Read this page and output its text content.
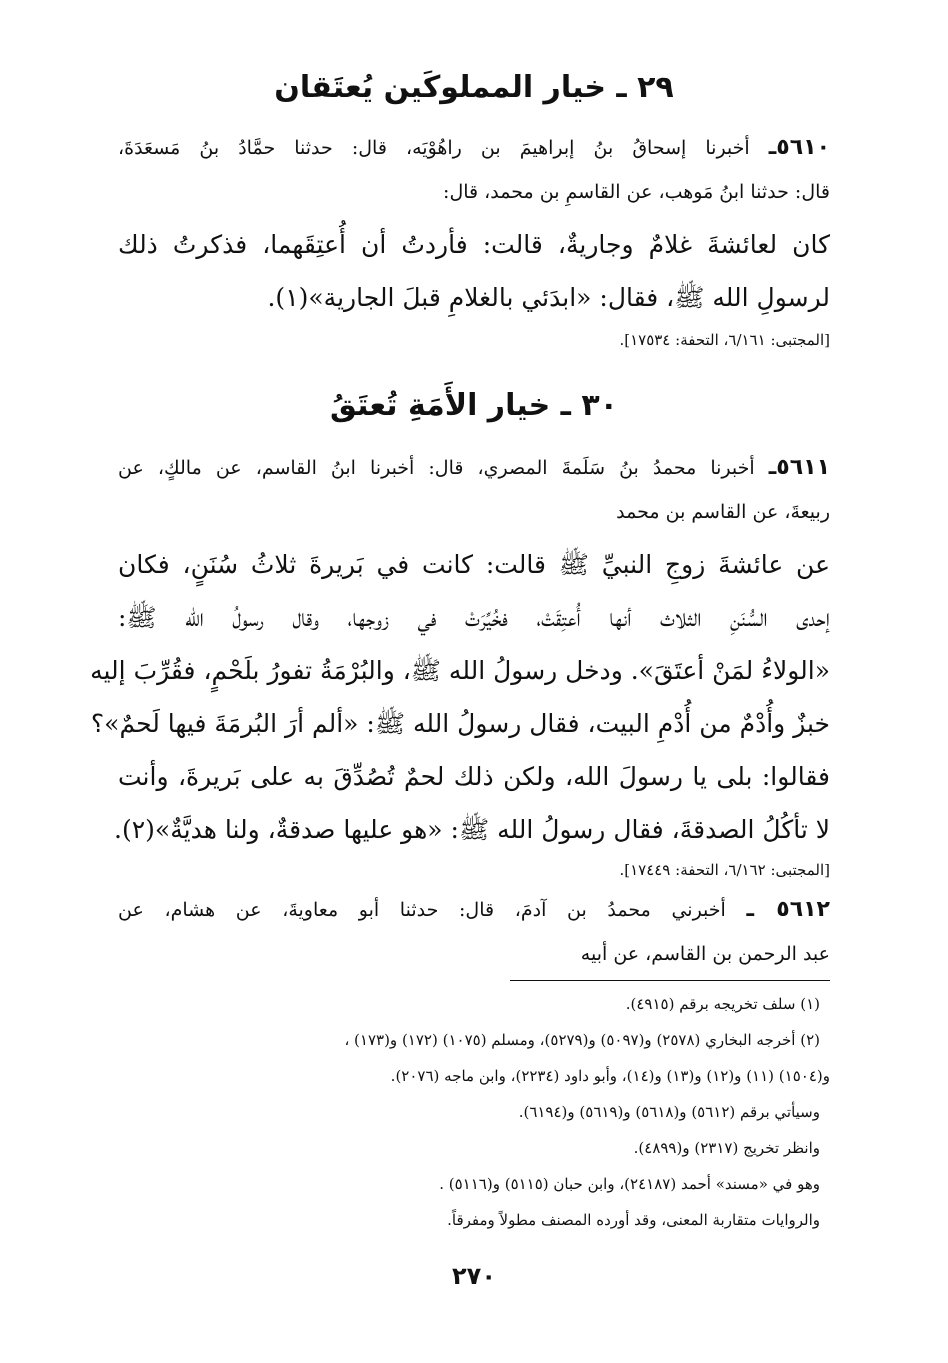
٢٩ ـ خيار المملوكَين يُعتَقان
٥٦١٠ـ أخبرنا إسحاقُ بنُ إبراهيمَ بن راهُوْيَه، قال: حدثنا حمَّادُ بنُ مَسعَدَةَ،
قال: حدثنا ابنُ مَوهب، عن القاسمِ بن محمد، قال:
كان لعائشةَ غلامٌ وجاريةٌ، قالت: فأردتُ أن أُعتِقَهما، فذكرتُ ذلك
لرسولِ الله ﷺ، فقال: «ابدَئي بالغلامِ قبلَ الجارية»(١).
[المجتبى: ٦/١٦١، التحفة: ١٧٥٣٤].
٣٠ ـ خيار الأَمَةِ تُعتَقُ
٥٦١١ـ أخبرنا محمدُ بنُ سَلَمةَ المصري، قال: أخبرنا ابنُ القاسم، عن مالكٍ، عن
ربيعةَ، عن القاسم بن محمد
عن عائشةَ زوجِ النبيِّ ﷺ قالت: كانت في بَريرةَ ثلاثُ سُنَنٍ، فكان
إحدى السُّنَنِ الثلاث أنها أُعتِقَتْ، فخُيِّرَتْ في زوجها، وقال رسولُ الله ﷺ:
«الولاءُ لمَنْ أعتَقَ». ودخل رسولُ الله ﷺ، والبُرْمَةُ تفورُ بلَحْمٍ، فقُرِّبَ إليه
خبزٌ وأُدْمٌ من أُدْمِ البيت، فقال رسولُ الله ﷺ: «ألم أرَ البُرمَةَ فيها لَحمٌ»؟
فقالوا: بلى يا رسولَ الله، ولكن ذلك لحمٌ تُصُدِّقَ به على بَريرةَ، وأنت
لا تأكُلُ الصدقةَ، فقال رسولُ الله ﷺ: «هو عليها صدقةٌ، ولنا هديَّةٌ»(٢).
[المجتبى: ٦/١٦٢، التحفة: ١٧٤٤٩].
٥٦١٢ ـ أخبرني محمدُ بن آدمَ، قال: حدثنا أبو معاويةَ، عن هشام، عن
عبد الرحمن بن القاسم، عن أبيه
(١) سلف تخريجه برقم (٤٩١٥).
(٢) أخرجه البخاري (٢٥٧٨) و(٥٠٩٧) و(٥٢٧٩)، ومسلم (١٠٧٥) (١٧٢) و(١٧٣) ،
و(١٥٠٤) (١١) و(١٢) و(١٣) و(١٤)، وأبو داود (٢٢٣٤)، وابن ماجه (٢٠٧٦).
وسيأتي برقم (٥٦١٢) و(٥٦١٨) و(٥٦١٩) و(٦١٩٤).
وانظر تخريج (٢٣١٧) و(٤٨٩٩).
وهو في «مسند» أحمد (٢٤١٨٧)، وابن حبان (٥١١٥) و(٥١١٦) .
والروايات متقاربة المعنى، وقد أورده المصنف مطولاً ومفرقاً.
٢٧٠
